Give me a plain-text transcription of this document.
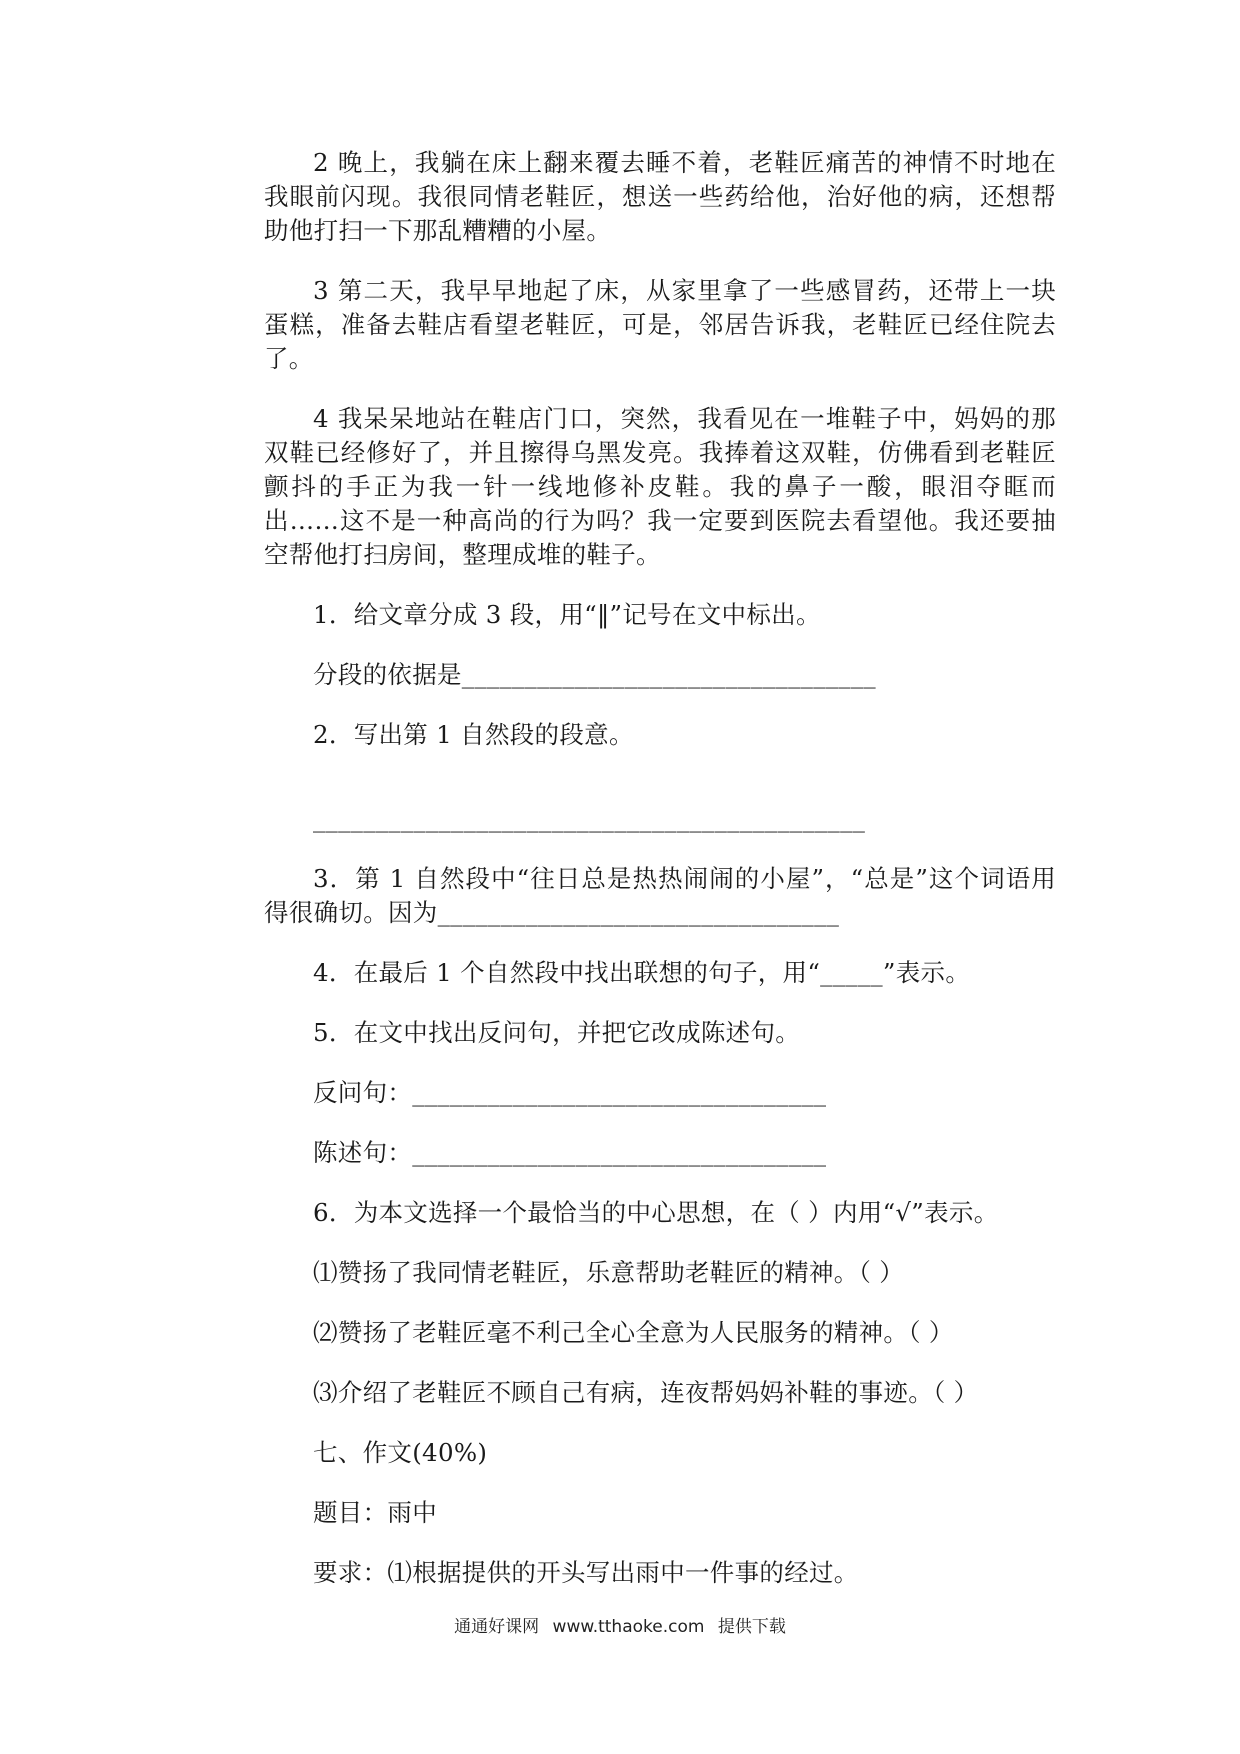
2 晚上，我躺在床上翻来覆去睡不着，老鞋匠痛苦的神情不时地在我眼前闪现。我很同情老鞋匠，想送一些药给他，治好他的病，还想帮助他打扫一下那乱糟糟的小屋。

3 第二天，我早早地起了床，从家里拿了一些感冒药，还带上一块蛋糕，准备去鞋店看望老鞋匠，可是，邻居告诉我，老鞋匠已经住院去了。

4 我呆呆地站在鞋店门口，突然，我看见在一堆鞋子中，妈妈的那双鞋已经修好了，并且擦得乌黑发亮。我捧着这双鞋，仿佛看到老鞋匠颤抖的手正为我一针一线地修补皮鞋。我的鼻子一酸，眼泪夺眶而出……这不是一种高尚的行为吗？我一定要到医院去看望他。我还要抽空帮他打扫房间，整理成堆的鞋子。

1．给文章分成 3 段，用“‖”记号在文中标出。

分段的依据是_________________________________

2．写出第 1 自然段的段意。

____________________________________________

3．第 1 自然段中“往日总是热热闹闹的小屋”，“总是”这个词语用得很确切。因为________________________________

4．在最后 1 个自然段中找出联想的句子，用“_____”表示。

5．在文中找出反问句，并把它改成陈述句。

反问句：_________________________________

陈述句：_________________________________

6．为本文选择一个最恰当的中心思想，在（ ）内用“√”表示。

⑴赞扬了我同情老鞋匠，乐意帮助老鞋匠的精神。（ ）

⑵赞扬了老鞋匠毫不利己全心全意为人民服务的精神。（ ）

⑶介绍了老鞋匠不顾自己有病，连夜帮妈妈补鞋的事迹。（ ）

七、作文(40%)

题目：雨中

要求：⑴根据提供的开头写出雨中一件事的经过。

通通好课网 www.tthaoke.com 提供下载
